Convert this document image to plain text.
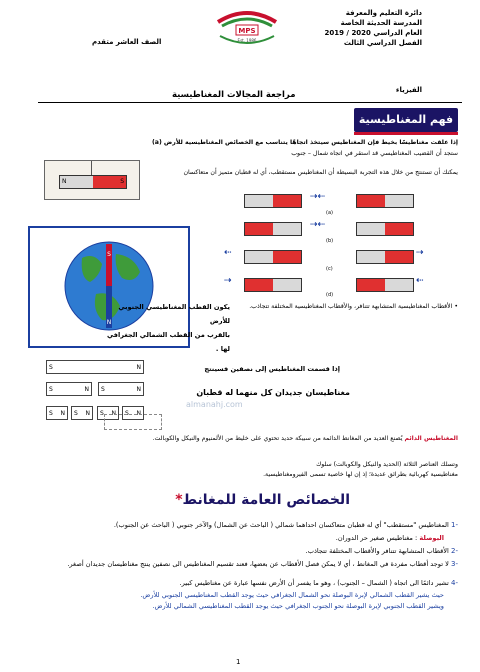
دائرة التعليم والمعرفة
المدرسة الحديثة الخاصة
العام الدراسي 2020 / 2019
الفصل الدراسي الثالث
الصف العاشر متقدم
MPS
Est. 1986
الفيزياء
مراجعة المجالات المغناطيسية
فهم المغناطيسية
إذا علقت مغناطيسًا بخيط فإن المغناطيس سيتخذ اتجاهًا يتناسب مع الخصائص المغناطيسية للأرض (a)
ستجد أن القضيب المغناطيسي قد استقر في اتجاه شمال – جنوب
N	S
يمكنك أن تستنتج من خلال هذه التجربة البسيطة أن المغناطيس مستقطب، أي له قطبان متميز أن متعاكسان
⇢⇠
(a)
⇢⇠
(b)
⇠	⇢
(c)
⇢	⇠
(d)
• الأقطاب المغناطيسية المتشابهة تتنافر، والأقطاب المغناطيسية المختلفة تتجاذب.
S
N
يكون القطب المغناطيسي الجنوبي للأرض
بالقرب من القطب الشمالي الجغرافي لها .
إذا قسمت المغناطيس إلى نصفين فسينتج
مغناطيسان جديدان كل منهما له قطبان
S	N
S	N S	N
S N S N S N S N
almanahj.com
المغناطيس الدائم يُصنع العديد من المغانط الدائمة من سبيكة حديد تحتوي على خليط من الألمنيوم والنيكل والكوبالت.
وتسلك العناصر الثلاثة (الحديد والنيكل والكوبالت) سلوك
مغناطيسية كهربائية بطرائق عديدة؛ إذ إن لها خاصية تسمى الفيرومغناطيسية.
الخصائص العامة للمغانط*
-1 المغناطيس "مستقطب" أي له قطبان متعاكسان احداهما شمالي ( الباحث عن الشمال) والآخر جنوبي ( الباحث عن الجنوب).
البوصلة : مغناطيس صغير حر الدوران.
-2 الأقطاب المتشابهة تتنافر والأقطاب المختلفة تتجاذب.
-3 لا توجد أقطاب مفردة في المغانط ، أي لا يمكن فصل الأقطاب عن بعضها، فعند تقسيم المغناطيس الى نصفين ينتج مغناطيسان جديدان أصغر.
-4 تشير دائمًا الى اتجاه ( الشمال – الجنوب) ، وهو ما يفسر أن الأرض نفسها عبارة عن مغناطيس كبير.
حيث يشير القطب الشمالي لإبرة البوصلة نحو الشمال الجغرافي حيث يوجد القطب المغناطيسي الجنوبي للأرض.
ويشير القطب الجنوبي لإبرة البوصلة نحو الجنوب الجغرافي حيث يوجد القطب المغناطيسي الشمالي للأرض.
1
